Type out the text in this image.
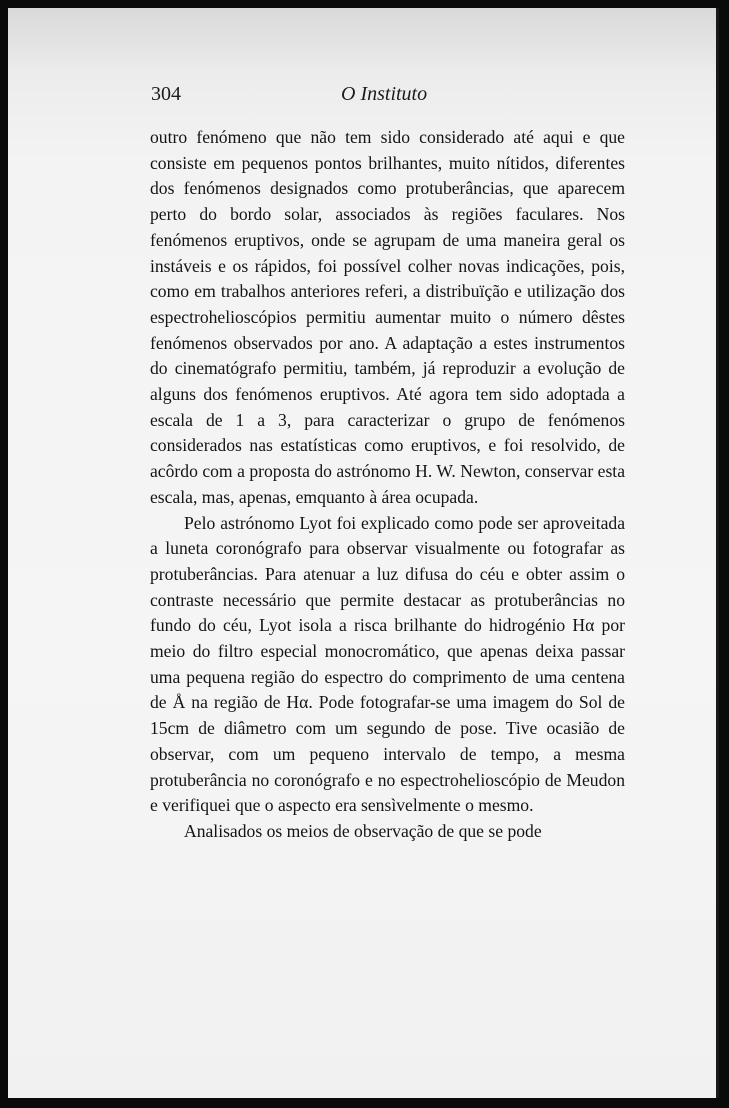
304	O Instituto

outro fenómeno que não tem sido considerado até aqui e que consiste em pequenos pontos brilhantes, muito nítidos, diferentes dos fenómenos designados como protuberâncias, que aparecem perto do bordo solar, associados às regiões faculares. Nos fenómenos eruptivos, onde se agrupam de uma maneira geral os instáveis e os rápidos, foi possível colher novas indicações, pois, como em trabalhos anteriores referi, a distribuïção e utilização dos espectrohelioscópios permitiu aumentar muito o número dêstes fenómenos observados por ano. A adaptação a estes instrumentos do cinematógrafo permitiu, também, já reproduzir a evolução de alguns dos fenómenos eruptivos. Até agora tem sido adoptada a escala de 1 a 3, para caracterizar o grupo de fenómenos considerados nas estatísticas como eruptivos, e foi resolvido, de acôrdo com a proposta do astrónomo H. W. Newton, conservar esta escala, mas, apenas, emquanto à área ocupada.

Pelo astrónomo Lyot foi explicado como pode ser aproveitada a luneta coronógrafo para observar visualmente ou fotografar as protuberâncias. Para atenuar a luz difusa do céu e obter assim o contraste necessário que permite destacar as protuberâncias no fundo do céu, Lyot isola a risca brilhante do hidrogénio Hα por meio do filtro especial monocromático, que apenas deixa passar uma pequena região do espectro do comprimento de uma centena de Å na região de Hα. Pode fotografar-se uma imagem do Sol de 15cm de diâmetro com um segundo de pose. Tive ocasião de observar, com um pequeno intervalo de tempo, a mesma protuberância no coronógrafo e no espectrohelioscópio de Meudon e verifiquei que o aspecto era sensìvelmente o mesmo.

Analisados os meios de observação de que se pode
